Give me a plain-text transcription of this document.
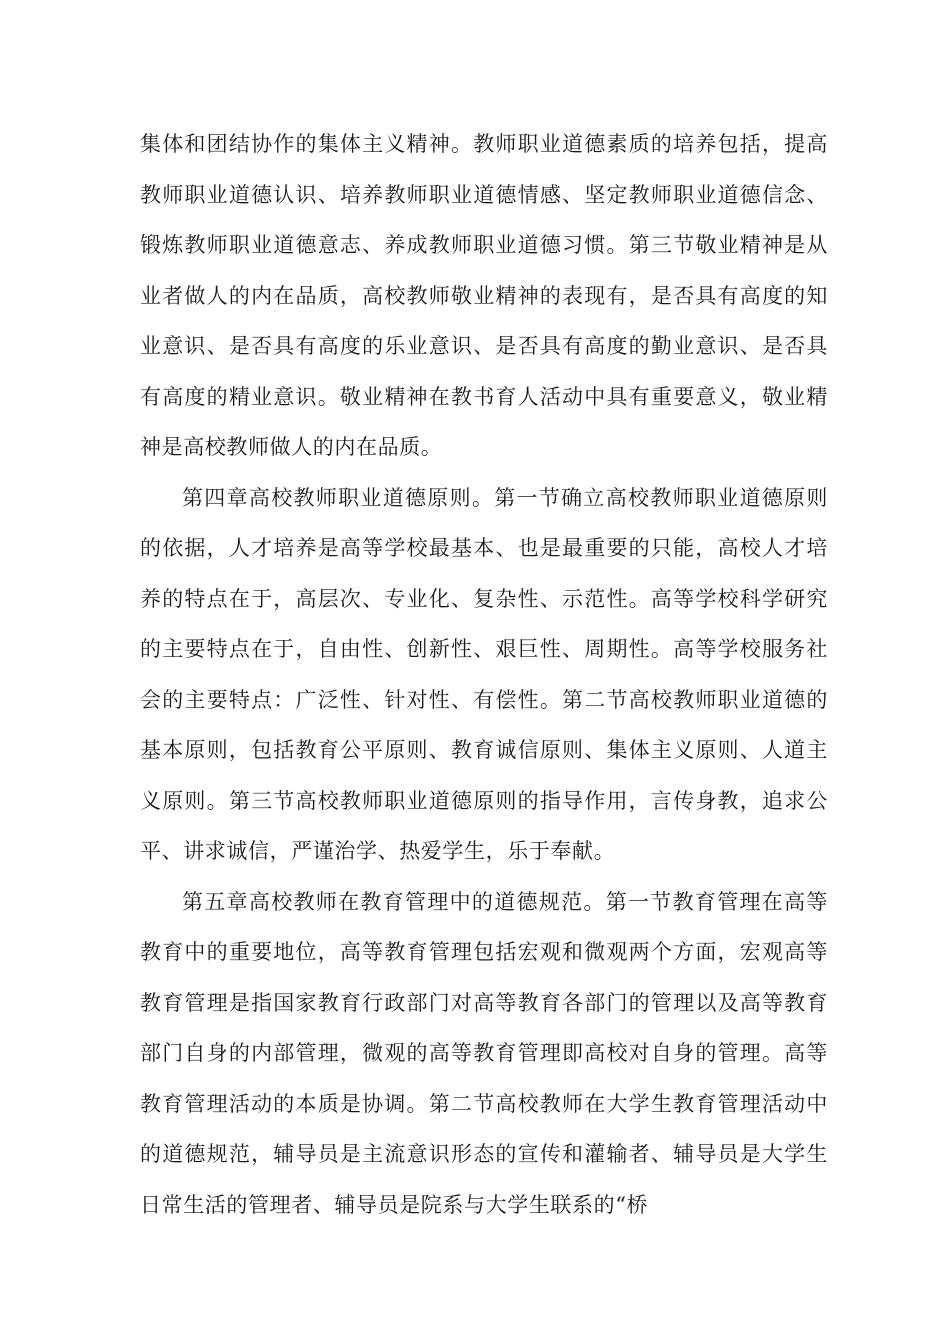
集体和团结协作的集体主义精神。教师职业道德素质的培养包括，提高教师职业道德认识、培养教师职业道德情感、坚定教师职业道德信念、锻炼教师职业道德意志、养成教师职业道德习惯。第三节敬业精神是从业者做人的内在品质，高校教师敬业精神的表现有，是否具有高度的知业意识、是否具有高度的乐业意识、是否具有高度的勤业意识、是否具有高度的精业意识。敬业精神在教书育人活动中具有重要意义，敬业精神是高校教师做人的内在品质。

第四章高校教师职业道德原则。第一节确立高校教师职业道德原则的依据，人才培养是高等学校最基本、也是最重要的只能，高校人才培养的特点在于，高层次、专业化、复杂性、示范性。高等学校科学研究的主要特点在于，自由性、创新性、艰巨性、周期性。高等学校服务社会的主要特点：广泛性、针对性、有偿性。第二节高校教师职业道德的基本原则，包括教育公平原则、教育诚信原则、集体主义原则、人道主义原则。第三节高校教师职业道德原则的指导作用，言传身教，追求公平、讲求诚信，严谨治学、热爱学生，乐于奉献。

第五章高校教师在教育管理中的道德规范。第一节教育管理在高等教育中的重要地位，高等教育管理包括宏观和微观两个方面，宏观高等教育管理是指国家教育行政部门对高等教育各部门的管理以及高等教育部门自身的内部管理，微观的高等教育管理即高校对自身的管理。高等教育管理活动的本质是协调。第二节高校教师在大学生教育管理活动中的道德规范，辅导员是主流意识形态的宣传和灌输者、辅导员是大学生日常生活的管理者、辅导员是院系与大学生联系的“桥
